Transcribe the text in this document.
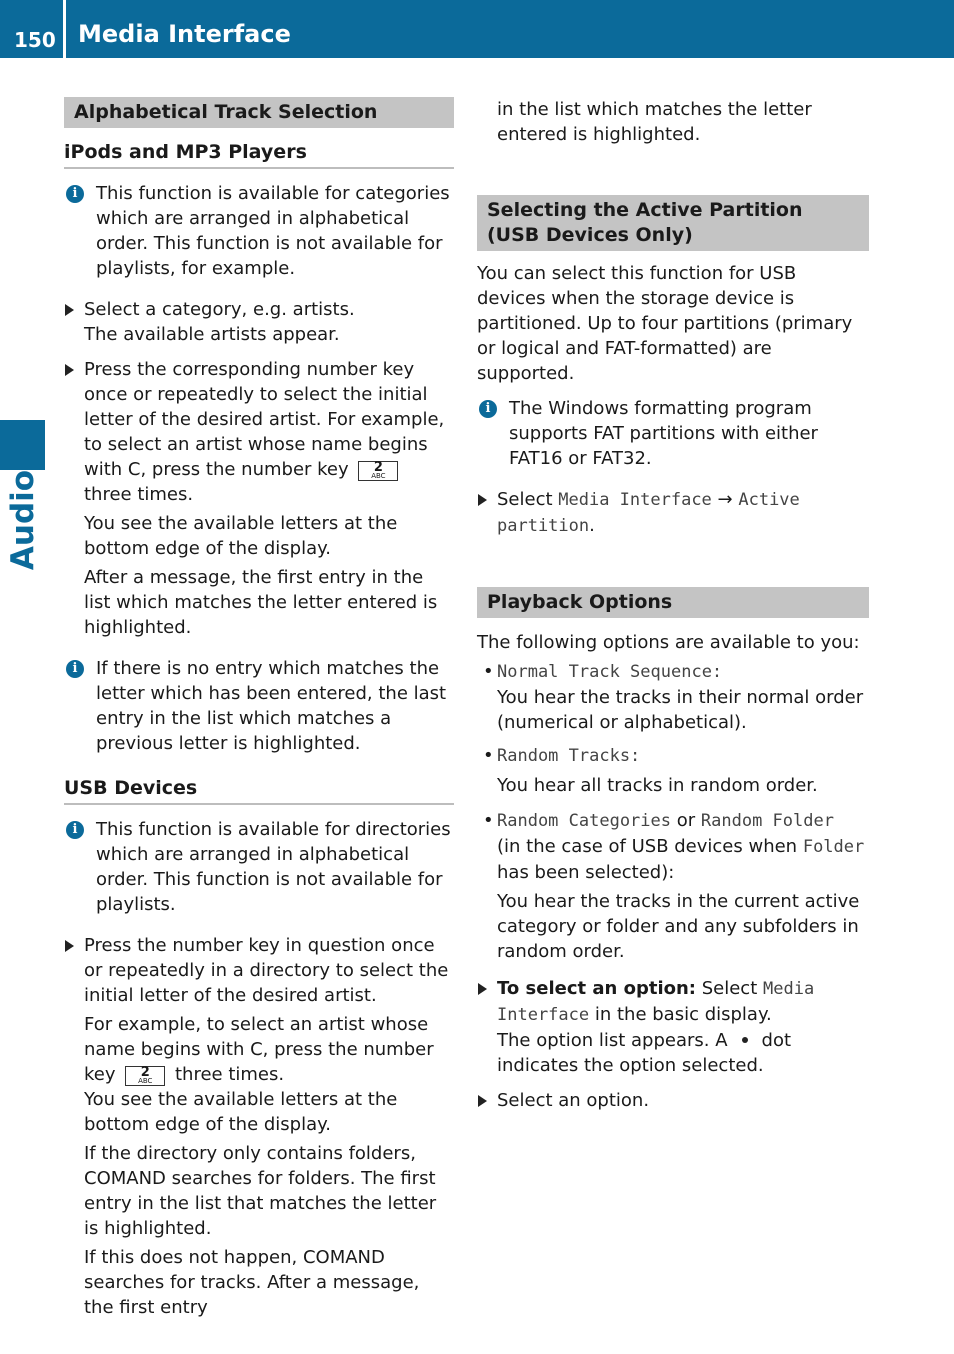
150 Media Interface
Audio
Alphabetical Track Selection
iPods and MP3 Players
i	This function is available for categories which are arranged in alphabetical order. This function is not available for playlists, for example.

Select a category, e.g. artists.

The available artists appear.

Press the corresponding number key once or repeatedly to select the initial letter of the desired artist. For example, to select an artist whose name begins with C, press the number key	2
ABC
three times.

You see the available letters at the bottom edge of the display.

After a message, the first entry in the list which matches the letter entered is highlighted.

i	If there is no entry which matches the letter which has been entered, the last entry in the list which matches a previous letter is highlighted.

USB Devices
i	This function is available for directories which are arranged in alphabetical order. This function is not available for playlists.

Press the number key in question once or repeatedly in a directory to select the initial letter of the desired artist.

For example, to select an artist whose name begins with C, press the number key	2
ABC	three times.

You see the available letters at the bottom edge of the display.

If the directory only contains folders, COMAND searches for folders. The first entry in the list that matches the letter is highlighted.

If this does not happen, COMAND searches for tracks. After a message, the first entry

in the list which matches the letter entered is highlighted.

Selecting the Active Partition (USB Devices Only)

You can select this function for USB devices when the storage device is partitioned. Up to four partitions (primary or logical and FAT-formatted) are supported.

i	The Windows formatting program supports FAT partitions with either FAT16 or FAT32.

Select Media Interface → Active partition.

Playback Options

The following options are available to you:

• Normal Track Sequence:

You hear the tracks in their normal order (numerical or alphabetical).

• Random Tracks:

You hear all tracks in random order.

• Random Categories or Random Folder

(in the case of USB devices when Folder has been selected):

You hear the tracks in the current active category or folder and any subfolders in random order.

To select an option: Select Media Interface in the basic display.

The option list appears. A dot indicates the option selected.

Select an option.
